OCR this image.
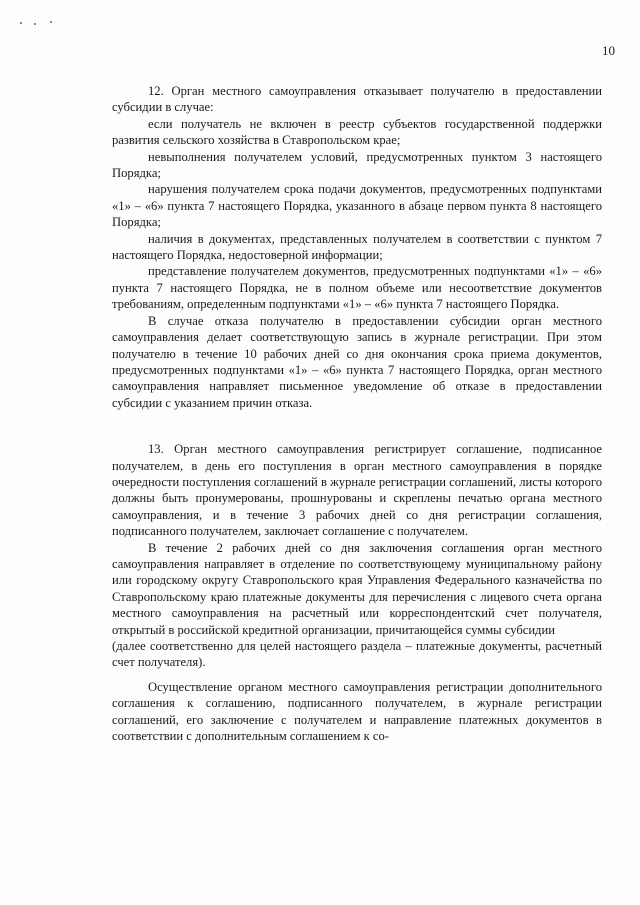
10

12. Орган местного самоуправления отказывает получателю в предоставлении субсидии в случае:

если получатель не включен в реестр субъектов государственной поддержки развития сельского хозяйства в Ставропольском крае;

невыполнения получателем условий, предусмотренных пунктом 3 настоящего Порядка;

нарушения получателем срока подачи документов, предусмотренных подпунктами «1» – «6» пункта 7 настоящего Порядка, указанного в абзаце первом пункта 8 настоящего Порядка;

наличия в документах, представленных получателем в соответствии с пунктом 7 настоящего Порядка, недостоверной информации;

представление получателем документов, предусмотренных подпунктами «1» – «6» пункта 7 настоящего Порядка, не в полном объеме или несоответствие документов требованиям, определенным подпунктами «1» – «6» пункта 7 настоящего Порядка.

В случае отказа получателю в предоставлении субсидии орган местного самоуправления делает соответствующую запись в журнале регистрации. При этом получателю в течение 10 рабочих дней со дня окончания срока приема документов, предусмотренных подпунктами «1» – «6» пункта 7 настоящего Порядка, орган местного самоуправления направляет письменное уведомление об отказе в предоставлении субсидии с указанием причин отказа.

13. Орган местного самоуправления регистрирует соглашение, подписанное получателем, в день его поступления в орган местного самоуправления в порядке очередности поступления соглашений в журнале регистрации соглашений, листы которого должны быть пронумерованы, прошнурованы и скреплены печатью органа местного самоуправления, и в течение 3 рабочих дней со дня регистрации соглашения, подписанного получателем, заключает соглашение с получателем.

В течение 2 рабочих дней со дня заключения соглашения орган местного самоуправления направляет в отделение по соответствующему муниципальному району или городскому округу Ставропольского края Управления Федерального казначейства по Ставропольскому краю платежные документы для перечисления с лицевого счета органа местного самоуправления на расчетный или корреспондентский счет получателя, открытый в российской кредитной организации, причитающейся суммы субсидии

(далее соответственно для целей настоящего раздела – платежные документы, расчетный счет получателя).

Осуществление органом местного самоуправления регистрации дополнительного соглашения к соглашению, подписанного получателем, в журнале регистрации соглашений, его заключение с получателем и направление платежных документов в соответствии с дополнительным соглашением к со-
